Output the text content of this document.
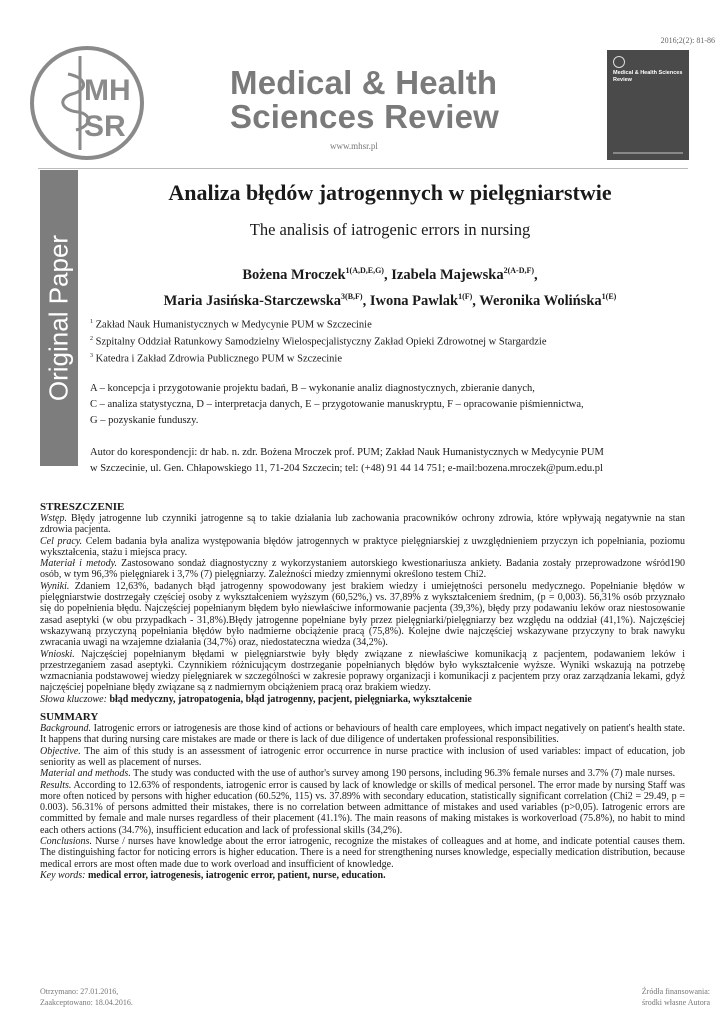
2016;2(2): 81-86
MH
SR
Medical & Health
Sciences Review
www.mhsr.pl
Medical & Health Sciences Review
Original Paper
Analiza błędów jatrogennych w pielęgniarstwie
The analisis of iatrogenic errors in nursing
Bożena Mroczek$^{1(A,D,E,G)}$, Izabela Majewska$^{2(A-D,F)}$,
Maria Jasińska-Starczewska$^{3(B,F)}$, Iwona Pawlak$^{1(F)}$, Weronika Wolińska$^{1(E)}$
$^1$ Zakład Nauk Humanistycznych w Medycynie PUM w Szczecinie
$^2$ Szpitalny Oddział Ratunkowy Samodzielny Wielospecjalistyczny Zakład Opieki Zdrowotnej w Stargardzie
$^3$ Katedra i Zakład Zdrowia Publicznego PUM w Szczecinie
A – koncepcja i przygotowanie projektu badań, B – wykonanie analiz diagnostycznych, zbieranie danych,
C – analiza statystyczna, D – interpretacja danych, E – przygotowanie manuskryptu, F – opracowanie piśmiennictwa,
G – pozyskanie funduszy.
Autor do korespondencji: dr hab. n. zdr. Bożena Mroczek prof. PUM; Zakład Nauk Humanistycznych w Medycynie PUM
w Szczecinie, ul. Gen. Chłapowskiego 11, 71-204 Szczecin; tel: (+48) 91 44 14 751; e-mail:bozena.mroczek@pum.edu.pl
STRESZCZENIE

Wstęp. Błędy jatrogenne lub czynniki jatrogenne są to takie działania lub zachowania pracowników ochrony zdrowia, które wpływają negatywnie na stan zdrowia pacjenta.

Cel pracy. Celem badania była analiza występowania błędów jatrogennych w praktyce pielęgniarskiej z uwzględnieniem przyczyn ich popełniania, poziomu wykształcenia, stażu i miejsca pracy.

Materiał i metody. Zastosowano sondaż diagnostyczny z wykorzystaniem autorskiego kwestionariusza ankiety. Badania zostały przeprowadzone wśród190 osób, w tym 96,3% pielęgniarek i 3,7% (7) pielęgniarzy. Zależności miedzy zmiennymi określono testem Chi2.

Wyniki. Zdaniem 12,63%, badanych błąd jatrogenny spowodowany jest brakiem wiedzy i umiejętności personelu medycznego. Popełnianie błędów w pielęgniarstwie dostrzegały częściej osoby z wykształceniem wyższym (60,52%,) vs. 37,89% z wykształceniem średnim, (p = 0,003). 56,31% osób przyznało się do popełnienia błędu. Najczęściej popełnianym błędem było niewłaściwe informowanie pacjenta (39,3%), błędy przy podawaniu leków oraz niestosowanie zasad aseptyki (w obu przypadkach - 31,8%).Błędy jatrogenne popełniane były przez pielęgniarki/pielęgniarzy bez względu na oddział (41,1%). Najczęściej wskazywaną przyczyną popełniania błędów było nadmierne obciążenie pracą (75,8%). Kolejne dwie najczęściej wskazywane przyczyny to brak nawyku zwracania uwagi na wzajemne działania (34,7%) oraz, niedostateczna wiedza (34,2%).

Wnioski. Najczęściej popełnianym błędami w pielęgniarstwie były błędy związane z niewłaściwe komunikacją z pacjentem, podawaniem leków i przestrzeganiem zasad aseptyki. Czynnikiem różnicującym dostrzeganie popełnianych błędów było wykształcenie wyższe. Wyniki wskazują na potrzebę wzmacniania podstawowej wiedzy pielęgniarek w szczególności w zakresie poprawy organizacji i komunikacji z pacjentem przy oraz zarządzania lekami, gdyż najczęściej popełniane błędy związane są z nadmiernym obciążeniem pracą oraz brakiem wiedzy.

Słowa kluczowe: błąd medyczny, jatropatogenia, błąd jatrogenny, pacjent, pielęgniarka, wykształcenie

SUMMARY

Background. Iatrogenic errors or iatrogenesis are those kind of actions or behaviours of health care employees, which impact negatively on patient's health state. It happens that during nursing care mistakes are made or there is lack of due diligence of undertaken professional responsibilities.

Objective. The aim of this study is an assessment of iatrogenic error occurrence in nurse practice with inclusion of used variables: impact of education, job seniority as well as placement of nurses.

Material and methods. The study was conducted with the use of author's survey among 190 persons, including 96.3% female nurses and 3.7% (7) male nurses.

Results. According to 12.63% of respondents, iatrogenic error is caused by lack of knowledge or skills of medical personel. The error made by nursing Staff was more often noticed by persons with higher education (60.52%, 115) vs. 37.89% with secondary education, statistically significant correlation (Chi2 = 29.49, p = 0.003). 56.31% of persons admitted their mistakes, there is no correlation between admittance of mistakes and used variables (p>0,05). Iatrogenic errors are committed by female and male nurses regardless of their placement (41.1%). The main reasons of making mistakes is workoverload (75.8%), no habit to mind each others actions (34.7%), insufficient education and lack of professional skills (34,2%).

Conclusions. Nurse / nurses have knowledge about the error iatrogenic, recognize the mistakes of colleagues and at home, and indicate potential causes them. The distinguishing factor for noticing errors is higher education. There is a need for strengthening nurses knowledge, especially medication distribution, because medical errors are most often made due to work overload and insufficient of knowledge.

Key words: medical error, iatrogenesis, iatrogenic error, patient, nurse, education.

Otrzymano: 27.01.2016,
Zaakceptowano: 18.04.2016.
Źródła finansowania:
środki własne Autora
